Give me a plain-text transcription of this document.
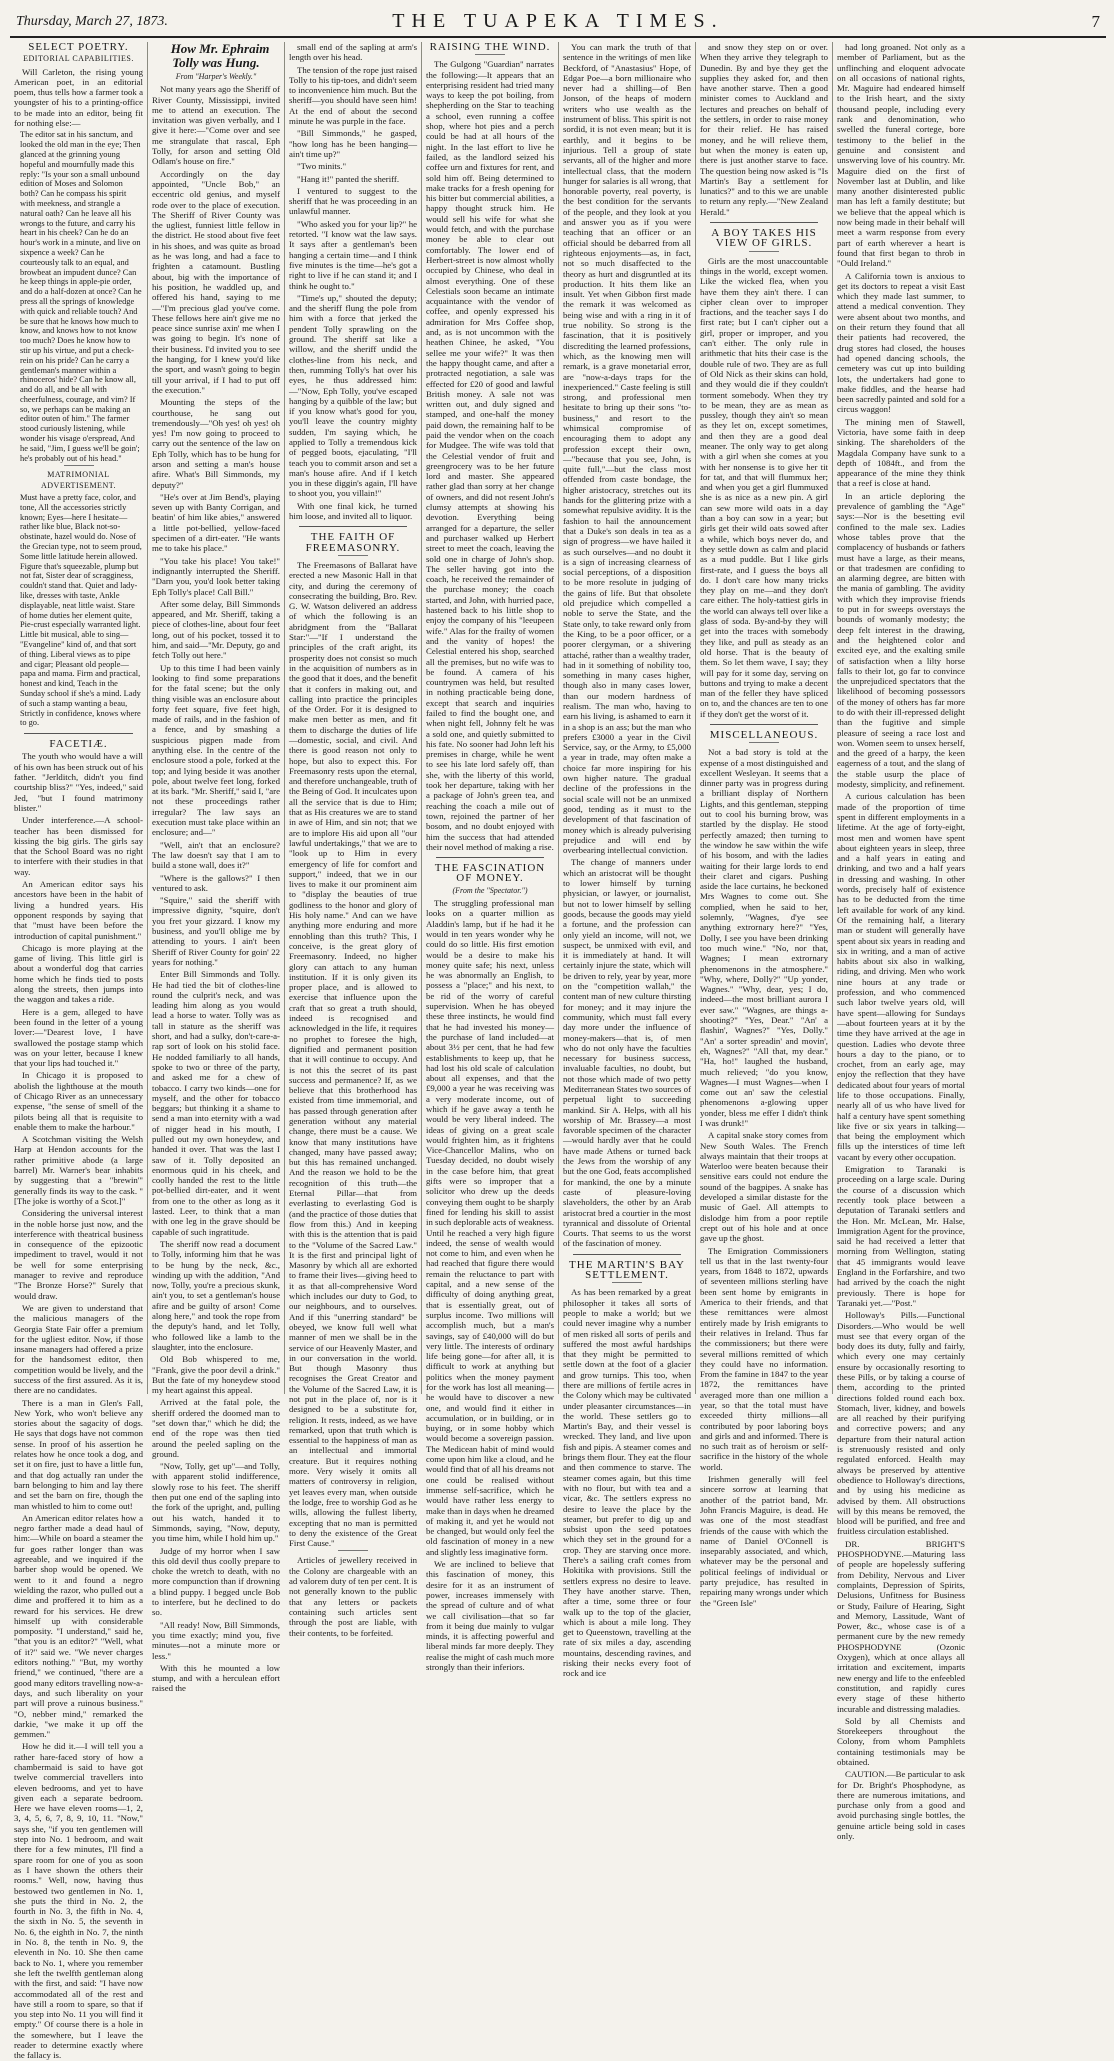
Thursday, March 27, 1873.	THE TUAPEKA TIMES.	7

SELECT POETRY.

EDITORIAL CAPABILITIES.

Will Carleton, the rising young American poet, in an editorial poem, thus tells how a farmer took a youngster of his to a printing-office to be made into an editor, being fit for nothing else:—

The editor sat in his sanctum, and looked the old man in the eye; Then glanced at the grinning young hopeful and mournfully made this reply: "Is your son a small unbound edition of Moses and Solomon both? Can he compass his spirit with meekness, and strangle a natural oath? Can he leave all his wrongs to the future, and carry his heart in his cheek? Can he do an hour's work in a minute, and live on sixpence a week? Can he courteously talk to an equal, and browbeat an impudent dunce? Can he keep things in apple-pie order, and do a half-dozen at once? Can he press all the springs of knowledge with quick and reliable touch? And be sure that he knows how much to know, and knows how to not know too much? Does he know how to stir up his virtue, and put a check-rein on his pride? Can he carry a gentleman's manner within a rhinoceros' hide? Can he know all, and do all, and be all with cheerfulness, courage, and vim? If so, we perhaps can be making an editor outen of him." The farmer stood curiously listening, while wonder his visage o'erspread, And he said, "Jim, I guess we'll be goin'; he's probably out of his head."

MATRIMONIAL ADVERTISEMENT.

Must have a pretty face, color, and tone, All the accessories strictly known; Eyes—here I hesitate—rather like blue, Black not-so-obstinate, hazel would do. Nose of the Grecian type, not to seem proud, Some little latitude herein allowed. Figure that's squeezable, plump but not fat, Sister dear of scragginess, couldn't stand that. Quiet and lady-like, dresses with taste, Ankle displayable, neat little waist. Stare of home duties her element quite, Pie-crust especially warranted light. Little bit musical, able to sing— "Evangeline" kind of, and that sort of thing. Liberal views as to pipe and cigar; Pleasant old people—papa and mama. Firm and practical, honest and kind, Teach in the Sunday school if she's a mind. Lady of such a stamp wanting a beau, Strictly in confidence, knows where to go.

FACETIÆ.

The youth who would have a will of his own has been struck out of his father. "Jerlditch, didn't you find courtship bliss?" "Yes, indeed," said Jed, "but I found matrimony blister."

Under interference.—A school-teacher has been dismissed for kissing the big girls. The girls say that the School Board was no right to interfere with their studies in that way.

An American editor says his ancestors have been in the habit of living a hundred years. His opponent responds by saying that that "must have been before the introduction of capital punishment."

Chicago is more playing at the game of living. This little girl is about a wonderful dog that carries home which he finds tied to posts along the streets, then jumps into the waggon and takes a ride.

Here is a gem, alleged to have been found in the letter of a young lover:—"Dearest love, I have swallowed the postage stamp which was on your letter, because I knew that your lips had touched it."

In Chicago it is proposed to abolish the lighthouse at the mouth of Chicago River as an unnecessary expense, "the sense of smell of the pilots being all that is requisite to enable them to make the harbour."

A Scotchman visiting the Welsh Harp at Hendon accounts for the rather primitive abode (a large barrel) Mr. Warner's bear inhabits by suggesting that a "brewin'" generally finds its way to the cask. "[The joke is worthy of a Scot.]"

Considering the universal interest in the noble horse just now, and the interference with theatrical business in consequence of the epizootic impediment to travel, would it not be well for some enterprising manager to revive and reproduce "The Bronze Horse?" Surely that would draw.

We are given to understand that the malicious managers of the Georgia State Fair offer a premium for the ugliest editor. Now, if those insane managers had offered a prize for the handsomest editor, then competition would be lively, and the success of the first assured. As it is, there are no candidates.

There is a man in Glen's Fall, New York, who won't believe any stories about the sagacity of dogs. He says that dogs have not common sense. In proof of his assertion he relates how he once took a dog, and set it on fire, just to have a little fun, and that dog actually ran under the barn belonging to him and lay there and set the barn on fire, though the man whistled to him to come out!

An American editor relates how a negro farther made a dead haul of him:—While on board a steamer the fur goes rather longer than was agreeable, and we inquired if the barber shop would be opened. We went to it and found a negro wielding the razor, who pulled out a dime and proffered it to him as a reward for his services. He drew himself up with considerable pomposity. "I understand," said he, "that you is an editor?" "Well, what of it?" said we. "We never charges editors nothing." "But, my worthy friend," we continued, "there are a good many editors travelling now-a-days, and such liberality on your part will prove a ruinous business." "O, nebber mind," remarked the darkie, "we make it up off the gemmen."

How he did it.—I will tell you a rather hare-faced story of how a chambermaid is said to have got twelve commercial travellers into eleven bedrooms, and yet to have given each a separate bedroom. Here we have eleven rooms—1, 2, 3, 4, 5, 6, 7, 8, 9, 10, 11. "Now," says she, "if you ten gentlemen will step into No. 1 bedroom, and wait there for a few minutes, I'll find a spare room for one of you as soon as I have shown the others their rooms." Well, now, having thus bestowed two gentlemen in No. 1, she puts the third in No. 2, the fourth in No. 3, the fifth in No. 4, the sixth in No. 5, the seventh in No. 6, the eighth in No. 7, the ninth in No. 8, the tenth in No. 9, the eleventh in No. 10. She then came back to No. 1, where you remember she left the twelfth gentleman along with the first, and said: "I have now accommodated all of the rest and have still a room to spare, so that if you step into No. 11 you will find it empty." Of course there is a hole in the somewhere, but I leave the reader to determine exactly where the fallacy is.

How Mr. Ephraim Tolly was Hung.

From "Harper's Weekly."

Not many years ago the Sheriff of River County, Mississippi, invited me to attend an execution. The invitation was given verbally, and I give it here:—"Come over and see me strangulate that rascal, Eph Tolly, for arson and setting Old Odlam's house on fire."

Accordingly on the day appointed, "Uncle Bob," an eccentric old genius, and myself rode over to the place of execution. The Sheriff of River County was the ugliest, funniest little fellow in the district. He stood about five feet in his shoes, and was quite as broad as he was long, and had a face to frighten a catamount. Bustling about, big with the importance of his position, he waddled up, and offered his hand, saying to me—"I'm precious glad you've come. These fellows here ain't give me no peace since sunrise axin' me when I was going to begin. It's none of their business. I'd invited you to see the hanging, for I knew you'd like the sport, and wasn't going to begin till your arrival, if I had to put off the execution."

Mounting the steps of the courthouse, he sang out tremendously—"Oh yes! oh yes! oh yes! I'm now going to proceed to carry out the sentence of the law on Eph Tolly, which has to be hung for arson and setting a man's house afire. What's Bill Simmonds, my deputy?"

"He's over at Jim Bend's, playing seven up with Banty Corrigan, and beatin' of him like abies," answered a little pot-bellied, yellow-faced specimen of a dirt-eater. "He wants me to take his place."

"You take his place! You take!" indignantly interrupted the Sheriff. "Darn you, you'd look better taking Eph Tolly's place! Call Bill."

After some delay, Bill Simmonds appeared, and Mr. Sheriff, taking a piece of clothes-line, about four feet long, out of his pocket, tossed it to him, and said—"Mr. Deputy, go and fetch Tolly out here."

Up to this time I had been vainly looking to find some preparations for the fatal scene; but the only thing visible was an enclosure about forty feet square, five feet high, made of rails, and in the fashion of a fence, and by smashing a suspicious pigpen made from anything else. In the centre of the enclosure stood a pole, forked at the top; and lying beside it was another pole, about twelve feet long, forked at its bark. "Mr. Sheriff," said I, "are not these proceedings rather irregular? The law says an execution must take place within an enclosure; and—"

"Well, ain't that an enclosure? The law doesn't say that I am to build a stone wall, does it?"

"Where is the gallows?" I then ventured to ask.

"Squire," said the sheriff with impressive dignity, "squire, don't you fret your gizzard. I know my business, and you'll oblige me by attending to yours. I ain't been Sheriff of River County for goin' 22 years for nothing."

Enter Bill Simmonds and Tolly. He had tied the bit of clothes-line round the culprit's neck, and was leading him along as you would lead a horse to water. Tolly was as tall in stature as the sheriff was short, and had a sulky, don't-care-a-rap sort of look on his stolid face. He nodded familiarly to all hands, spoke to two or three of the party, and asked me for a chew of tobacco. I carry two kinds—one for myself, and the other for tobacco beggars; but thinking it a shame to send a man into eternity with a wad of nigger head in his mouth, I pulled out my own honeydew, and handed it over. That was the last I saw of it. Tolly deposited an enormous quid in his cheek, and coolly handed the rest to the little pot-bellied dirt-eater, and it went from one to the other as long as it lasted. Leer, to think that a man with one leg in the grave should be capable of such ingratitude.

The sheriff now read a document to Tolly, informing him that he was to be hung by the neck, &c., winding up with the addition, "And now, Tolly, you're a precious skunk, ain't you, to set a gentleman's house afire and be guilty of arson! Come along here," and took the rope from the deputy's hand, and let Tolly, who followed like a lamb to the slaughter, into the enclosure.

Old Bob whispered to me, "Frank, give the poor devil a drink." But the fate of my honeydew stood my heart against this appeal.

Arrived at the fatal pole, the sheriff ordered the doomed man to "set down thar," which he did; the end of the rope was then tied around the peeled sapling on the ground.

"Now, Tolly, get up"—and Tolly, with apparent stolid indifference, slowly rose to his feet. The sheriff then put one end of the sapling into the fork of the upright, and, pulling out his watch, handed it to Simmonds, saying, "Now, deputy, you time him, while I hold him up."

Judge of my horror when I saw this old devil thus coolly prepare to choke the wretch to death, with no more compunction than if drowning a blind puppy. I begged uncle Bob to interfere, but he declined to do so.

"All ready! Now, Bill Simmonds, you time exactly; mind you, five minutes—not a minute more or less."

With this he mounted a low stump, and with a herculean effort raised the

small end of the sapling at arm's length over his head.

The tension of the rope just raised Tolly to his tip-toes, and didn't seem to inconvenience him much. But the sheriff—you should have seen him! At the end of about the second minute he was purple in the face.

"Bill Simmonds," he gasped, "how long has he been hanging—ain't time up?"

"Two minits."

"Hang it!" panted the sheriff.

I ventured to suggest to the sheriff that he was proceeding in an unlawful manner.

"Who asked you for your lip?" he retorted. "I know wat the law says. It says after a gentleman's been hanging a certain time—and I think five minutes is the time—he's got a right to live if he can stand it; and I think he ought to."

"Time's up," shouted the deputy; and the sheriff flung the pole from him with a force that jerked the pendent Tolly sprawling on the ground. The sheriff sat like a willow, and the sheriff undid the clothes-line from his neck, and then, rumming Tolly's hat over his eyes, he thus addressed him:—"Now, Eph Tolly, you've escaped hanging by a quibble of the law; but if you know what's good for you, you'll leave the country mighty sudden, I'm saying which, he applied to Tolly a tremendous kick of pegged boots, ejaculating, "I'll teach you to commit arson and set a man's house afire. And if I ketch you in these diggin's again, I'll have to shoot you, you villain!"

With one final kick, he turned him loose, and invited all to liquor.

THE FAITH OF FREEMASONRY.

The Freemasons of Ballarat have erected a new Masonic Hall in that city, and during the ceremony of consecrating the building, Bro. Rev. G. W. Watson delivered an address of which the following is an abridgment from the "Ballarat Star:"—"If I understand the principles of the craft aright, its prosperity does not consist so much in the acquisition of numbers as in the good that it does, and the benefit that it confers in making out, and calling into practice the principles of the Order. For it is designed to make men better as men, and fit them to discharge the duties of life—domestic, social, and civil. And there is good reason not only to hope, but also to expect this. For Freemasonry rests upon the eternal, and therefore unchangeable, truth of the Being of God. It inculcates upon all the service that is due to Him; that as His creatures we are to stand in awe of Him, and sin not; that we are to implore His aid upon all "our lawful undertakings," that we are to "look up to Him in every emergency of life for comfort and support," indeed, that we in our lives to make it our prominent aim to "display the beauties of true godliness to the honor and glory of His holy name." And can we have anything more enduring and more ennobling than this truth? This, I conceive, is the great glory of Freemasonry. Indeed, no higher glory can attach to any human institution. If it is only given its proper place, and is allowed to exercise that influence upon the craft that so great a truth should, indeed is recognised and acknowledged in the life, it requires no prophet to foresee the high, dignified and permanent position that it will continue to occupy. And is not this the secret of its past success and permanence? If, as we believe that this brotherhood has existed from time immemorial, and has passed through generation after generation without any material change, there must be a cause. We know that many institutions have changed, many have passed away; but this has remained unchanged. And the reason we hold to be the recognition of this truth—the Eternal Pillar—that from everlasting to everlasting God is (and the practice of those duties that flow from this.) And in keeping with this is the attention that is paid to the "Volume of the Sacred Law." It is the first and principal light of Masonry by which all are exhorted to frame their lives—giving heed to it as that all-comprehensive Word which includes our duty to God, to our neighbours, and to ourselves. And if this "unerring standard" be obeyed, we know full well what manner of men we shall be in the service of our Heavenly Master, and in our conversation in the world. But though Masonry thus recognises the Great Creator and the Volume of the Sacred Law, it is not put in the place of, nor is it designed to be a substitute for, religion. It rests, indeed, as we have remarked, upon that truth which is essential to the happiness of man as an intellectual and immortal creature. But it requires nothing more. Very wisely it omits all matters of controversy in religion, yet leaves every man, when outside the lodge, free to worship God as he wills, allowing the fullest liberty, excepting that no man is permitted to deny the existence of the Great First Cause."

Articles of jewellery received in the Colony are chargeable with an ad valorem duty of ten per cent. It is not generally known to the public that any letters or packets containing such articles sent through the post are liable, with their contents, to be forfeited.

RAISING THE WIND.

The Gulgong "Guardian" narrates the following:—It appears that an enterprising resident had tried many ways to keep the pot boiling, from shepherding on the Star to teaching a school, even running a coffee shop, where hot pies and a perch could be had at all hours of the night. In the last effort to live he failed, as the landlord seized his coffee urn and fixtures for rent, and sold him off. Being determined to make tracks for a fresh opening for his bitter but commercial abilities, a happy thought struck him. He would sell his wife for what she would fetch, and with the purchase money be able to clear out comfortably. The lower end of Herbert-street is now almost wholly occupied by Chinese, who deal in almost everything. One of these Celestials soon became an intimate acquaintance with the vendor of coffee, and openly expressed his admiration for Mrs Coffee shop, and, as is not uncommon with the heathen Chinee, he asked, "You sellee me your wife?" It was then the happy thought came, and after a protracted negotiation, a sale was effected for £20 of good and lawful British money. A sale not was written out, and duly signed and stamped, and one-half the money paid down, the remaining half to be paid the vendor when on the coach for Mudgee. The wife was told that the Celestial vendor of fruit and greengrocery was to be her future lord and master. She appeared rather glad than sorry at her change of owners, and did not resent John's clumsy attempts at showing his devotion. Everything being arranged for a departure, the seller and purchaser walked up Herbert street to meet the coach, leaving the sold one in charge of John's shop. The seller having got into the coach, he received the remainder of the purchase money; the coach started, and John, with hurried pace, hastened back to his little shop to enjoy the company of his "leeupeen wife." Alas for the frailty of women and the vanity of hopes! the Celestial entered his shop, searched all the premises, but no wife was to be found. A camera of his countrymen was held, but resulted in nothing practicable being done, except that search and inquiries failed to find the bought one, and when night fell, Johnny felt he was a sold one, and quietly submitted to his fate. No sooner had John left his premises in charge, while he went to see his late lord safely off, than she, with the liberty of this world, took her departure, taking with her a package of John's green tea, and reaching the coach a mile out of town, rejoined the partner of her bosom, and no doubt enjoyed with him the success that had attended their novel method of making a rise.

THE FASCINATION OF MONEY.

(From the "Spectator.")

The struggling professional man looks on a quarter million as Aladdin's lamp, but if he had it he would in ten years wonder why he could do so little. His first emotion would be a desire to make his money quite safe; his next, unless he was abnormally an English, to possess a "place;" and his next, to be rid of the worry of careful supervision. When he has obeyed these three instincts, he would find that he had invested his money—the purchase of land included—at about 3½ per cent, that he had few establishments to keep up, that he had lost his old scale of calculation about all expenses, and that the £9,000 a year he was receiving was a very moderate income, out of which if he gave away a tenth he would be very liberal indeed. The ideas of giving on a great scale would frighten him, as it frightens Vice-Chancellor Malins, who on Tuesday decided, no doubt wisely in the case before him, that great gifts were so improper that a solicitor who drew up the deeds conveying them ought to be sharply fined for lending his skill to assist in such deplorable acts of weakness. Until he reached a very high figure indeed, the sense of wealth would not come to him, and even when he had reached that figure there would remain the reluctance to part with capital, and a new sense of the difficulty of doing anything great, that is essentially great, out of surplus income. Two millions will accomplish much, but a man's savings, say of £40,000 will do but very little. The interests of ordinary life being gone—for after all, it is difficult to work at anything but politics when the money payment for the work has lost all meaning—he would have to discover a new one, and would find it either in accumulation, or in building, or in buying, or in some hobby which would become a sovereign passion. The Medicean habit of mind would come upon him like a cloud, and he would find that of all his dreams not one could be realised without immense self-sacrifice, which he would have rather less energy to make than in days when he dreamed of making it, and yet he would not be changed, but would only feel the old fascination of money in a new and slightly less imaginative form.

We are inclined to believe that this fascination of money, this desire for it as an instrument of power, increases immensely with the spread of culture and of what we call civilisation—that so far from it being due mainly to vulgar minds, it is affecting powerful and liberal minds far more deeply. They realise the might of cash much more strongly than their inferiors.

You can mark the truth of that sentence in the writings of men like Beckford, of "Anastasius" Hope, of Edgar Poe—a born millionaire who never had a shilling—of Ben Jonson, of the heaps of modern writers who use wealth as the instrument of bliss. This spirit is not sordid, it is not even mean; but it is earthly, and it begins to be injurious. Tell a group of state servants, all of the higher and more intellectual class, that the modern hunger for salaries is all wrong, that honorable poverty, real poverty, is the best condition for the servants of the people, and they look at you and answer you as if you were teaching that an officer or an official should be debarred from all righteous enjoyments—as, in fact, not so much disaffected to the theory as hurt and disgruntled at its production. It hits them like an insult. Yet when Gibbon first made the remark it was welcomed as being wise and with a ring in it of true nobility. So strong is the fascination, that it is positively discrediting the learned professions, which, as the knowing men will remark, is a grave monetarial error, are "now-a-days traps for the inexperienced." Caste feeling is still strong, and professional men hesitate to bring up their sons "to-business," and resort to the whimsical compromise of encouraging them to adopt any profession except their own,—"because that you see, John, is quite full,"—but the class most offended from caste bondage, the higher aristocracy, stretches out its hands for the glittering prize with a somewhat repulsive avidity. It is the fashion to hail the announcement that a Duke's son deals in tea as a sign of progress—we have hailed it as such ourselves—and no doubt it is a sign of increasing clearness of social perceptions, of a disposition to be more resolute in judging of the gains of life. But that obsolete old prejudice which compelled a noble to serve the State, and the State only, to take reward only from the King, to be a poor officer, or a poorer clergyman, or a shivering attaché, rather than a wealthy trader, had in it something of nobility too, something in many cases higher, though also in many cases lower, than our modern hardness of realism. The man who, having to earn his living, is ashamed to earn it in a shop is an ass; but the man who prefers £3000 a year in the Civil Service, say, or the Army, to £5,000 a year in trade, may often make a choice far more inspiring for his own higher nature. The gradual decline of the professions in the social scale will not be an unmixed good, tending as it must to the development of that fascination of money which is already pulverising prejudice and will end by overbearing intellectual conviction.

The change of manners under which an aristocrat will be thought to lower himself by turning physician, or lawyer, or journalist, but not to lower himself by selling goods, because the goods may yield a fortune, and the profession can only yield an income, will not, we suspect, be unmixed with evil, and it is immediately at hand. It will certainly injure the state, which will be driven to rely, year by year, more on the "competition wallah," the content man of new culture thirsting for money; and it may injure the community, which must fall every day more under the influence of money-makers—that is, of men who do not only have the faculties necessary for business success, invaluable faculties, no doubt, but not those which made of two petty Mediterranean States two sources of perpetual light to succeeding mankind. Sir A. Helps, with all his worship of Mr. Brassey—a most favorable specimen of the character—would hardly aver that he could have made Athens or turned back the Jews from the worship of any but the one God, feats accomplished for mankind, the one by a minute caste of pleasure-loving slaveholders, the other by an Arab aristocrat bred a courtier in the most tyrannical and dissolute of Oriental Courts. That seems to us the worst of the fascination of money.

THE MARTIN'S BAY SETTLEMENT.

As has been remarked by a great philosopher it takes all sorts of people to make a world; but we could never imagine why a number of men risked all sorts of perils and suffered the most awful hardships that they might be permitted to settle down at the foot of a glacier and grow turnips. This too, when there are millions of fertile acres in the Colony which may be cultivated under pleasanter circumstances—in the world. These settlers go to Martin's Bay, and their vessel is wrecked. They land, and live upon fish and pipis. A steamer comes and brings them flour. They eat the flour and then commence to starve. The steamer comes again, but this time with no flour, but with tea and a vicar, &c. The settlers express no desire to leave the place by the steamer, but prefer to dig up and subsist upon the seed potatoes which they set in the ground for a crop. They are starving once more. There's a sailing craft comes from Hokitika with provisions. Still the settlers express no desire to leave. They have another starve. Then, after a time, some three or four walk up to the top of the glacier, which is about a mile long. They get to Queenstown, travelling at the rate of six miles a day, ascending mountains, descending ravines, and risking their necks every foot of rock and ice

and snow they step on or over. When they arrive they telegraph to Dunedin. By and bye they get the supplies they asked for, and then have another starve. Then a good minister comes to Auckland and lectures and preaches on behalf of the settlers, in order to raise money for their relief. He has raised money, and he will relieve them, but when the money is eaten up, there is just another starve to face. The question being now asked is "Is Martin's Bay a settlement for lunatics?" and to this we are unable to return any reply.—"New Zealand Herald."

A BOY TAKES HIS VIEW OF GIRLS.

Girls are the most unaccountable things in the world, except women. Like the wicked flea, when you have them they ain't there. I can cipher clean over to improper fractions, and the teacher says I do first rate; but I can't cipher out a girl, proper or improper, and you can't either. The only rule in arithmetic that hits their case is the double rule of two. They are as full of Old Nick as their skins can hold, and they would die if they couldn't torment somebody. When they try to be mean, they are as mean as pussley, though they ain't so mean as they let on, except sometimes, and then they are a good deal meaner. The only way to get along with a girl when she comes at you with her nonsense is to give her tit for tat, and that will flummux her; and when you get a girl flummuxed she is as nice as a new pin. A girl can sew more wild oats in a day than a boy can sow in a year; but girls get their wild oats sowed after a while, which boys never do, and they settle down as calm and placid as a mud puddle. But I like girls first-rate, and I guess the boys all do. I don't care how many tricks they play on me—and they don't care either. The holy-tattiest girls in the world can always tell over like a glass of soda. By-and-by they will get into the traces with somebody they like, and pull as steady as an old horse. That is the beauty of them. So let them wave, I say; they will pay for it some day, serving on buttons and trying to make a decent man of the feller they have spliced on to, and the chances are ten to one if they don't get the worst of it.

MISCELLANEOUS.

Not a bad story is told at the expense of a most distinguished and excellent Wesleyan. It seems that a dinner party was in progress during a brilliant display of Northern Lights, and this gentleman, stepping out to cool his burning brow, was startled by the display. He stood perfectly amazed; then turning to the window he saw within the wife of his bosom, and with the ladies waiting for their large lords to end their claret and cigars. Pushing aside the lace curtains, he beckoned Mrs Wagnes to come out. She complied, when he said to her, solemnly, "Wagnes, d'ye see anything extrornary here?" "Yes, Dolly, I see you have been drinking too much wine." "No, nor that, Wagnes; I mean extrornary phenomenons in the atmosphere." "Why, where, Dolly?" "Up yonder, Wagnes." "Why, dear, yes; I do, indeed—the most brilliant aurora I ever saw." "Wagnes, are things a-shooting?" "Yes, Dear." "An' a flashin', Wagnes?" "Yes, Dolly." "An' a sorter spreadin' and movin', eh, Wagnes?" "All that, my dear." "Ha, ho!" laughed the husband, much relieved; "do you know, Wagnes—I must Wagnes—when I come out an' saw the celestial phenomenons a-glowing upper yonder, bless me effer I didn't think I was drunk!"

A capital snake story comes from New South Wales. The French always maintain that their troops at Waterloo were beaten because their sensitive ears could not endure the sound of the bagpipes. A snake has developed a similar distaste for the music of Gael. All attempts to dislodge him from a poor reptile crept out of his hole and at once gave up the ghost.

The Emigration Commissioners tell us that in the last twenty-four years, from 1848 to 1872, upwards of seventeen millions sterling have been sent home by emigrants in America to their friends, and that these remittances were almost entirely made by Irish emigrants to their relatives in Ireland. Thus far the commissioners; but there were several millions remitted of which they could have no information. From the famine in 1847 to the year 1872, the remittances have averaged more than one million a year, so that the total must have exceeded thirty millions—all contributed by poor laboring boys and girls and and informed. There is no such trait as of heroism or self-sacrifice in the history of the whole world.

Irishmen generally will feel sincere sorrow at learning that another of the patriot band, Mr. John Francis Maguire, is dead. He was one of the most steadfast friends of the cause with which the name of Daniel O'Connell is inseparably associated, and which, whatever may be the personal and political feelings of individual or party prejudice, has resulted in repairing many wrongs under which the "Green Isle"

had long groaned. Not only as a member of Parliament, but as the unflinching and eloquent advocate on all occasions of national rights, Mr. Maguire had endeared himself to the Irish heart, and the sixty thousand people, including every rank and denomination, who swelled the funeral cortege, bore testimony to the belief in the genuine and consistent and unswerving love of his country. Mr. Maguire died on the first of November last at Dublin, and like many another disinterested public man has left a family destitute; but we believe that the appeal which is now being made in their behalf will meet a warm response from every part of earth wherever a heart is found that first began to throb in "Ould Ireland."

A California town is anxious to get its doctors to repeat a visit East which they made last summer, to attend a medical convention. They were absent about two months, and on their return they found that all their patients had recovered, the drug stores had closed, the houses had opened dancing schools, the cemetery was cut up into building lots, the undertakers had gone to make fiddles, and the hearse had been sacredly painted and sold for a circus waggon!

The mining men of Stawell, Victoria, have some faith in deep sinking. The shareholders of the Magdala Company have sunk to a depth of 1084ft., and from the appearance of the mine they think that a reef is close at hand.

In an article deploring the prevalence of gambling the "Age" says:—Nor is the besetting evil confined to the male sex. Ladies whose tables prove that the complacency of husbands or fathers must have a large, as their means, or that tradesmen are confiding to an alarming degree, are bitten with the mania of gambling. The avidity with which they improvise friends to put in for sweeps overstays the bounds of womanly modesty; the deep felt interest in the drawing, and the heightened color and excited eye, and the exalting smile of satisfaction when a lilty horse falls to their lot, go far to convince the unprejudiced spectators that the likelihood of becoming possessors of the money of others has far more to do with their ill-repressed delight than the fugitive and simple pleasure of seeing a race lost and won. Women seem to unsex herself, and the greed of a harpy, the keen eagerness of a tout, and the slang of the stable usurp the place of modesty, simplicity, and refinement.

A curious calculation has been made of the proportion of time spent in different employments in a lifetime. At the age of forty-eight, most men and women have spent about eighteen years in sleep, three and a half years in eating and drinking, and two and a half years in dressing and washing. In other words, precisely half of existence has to be deducted from the time left available for work of any kind. Of the remaining half, a literary man or student will generally have spent about six years in reading and six in writing, and a man of active habits about six also in walking, riding, and driving. Men who work nine hours at any trade or profession, and who commenced such labor twelve years old, will have spent—allowing for Sundays—about fourteen years at it by the time they have arrived at the age in question. Ladies who devote three hours a day to the piano, or to crochet, from an early age, may enjoy the reflection that they have dedicated about four years of mortal life to those occupations. Finally, nearly all of us who have lived for half a century have spent something like five or six years in talking—that being the employment which fills up the interstices of time left vacant by every other occupation.

Emigration to Taranaki is proceeding on a large scale. During the course of a discussion which recently took place between a deputation of Taranaki settlers and the Hon. Mr. McLean, Mr. Halse, Immigration Agent for the province, said he had received a letter that morning from Wellington, stating that 45 immigrants would leave England in the Forfarshire, and two had arrived by the coach the night previously. There is hope for Taranaki yet.—"Post."

Holloway's Pills.—Functional Disorders.—Who would be well must see that every organ of the body does its duty, fully and fairly, which every one may certainly ensure by occasionally resorting to these Pills, or by taking a course of them, according to the printed directions folded round each box. Stomach, liver, kidney, and bowels are all reached by their purifying and corrective powers; and any departure from their natural action is strenuously resisted and only regulated enforced. Health may always be preserved by attentive obedience to Holloway's directions, and by using his medicine as advised by them. All obstructions will by this means be removed, the blood will be purified, and free and fruitless circulation established.

DR. BRIGHT'S PHOSPHODYNE.—Maturing lass of people are hopelessly suffering from Debility, Nervous and Liver complaints, Depression of Spirits, Delusions, Unfitness for Business or Study, Failure of Hearing, Sight and Memory, Lassitude, Want of Power, &c., whose case is of a permanent cure by the new remedy PHOSPHODYNE (Ozonic Oxygen), which at once allays all irritation and excitement, imparts new energy and life to the enfeebled constitution, and rapidly cures every stage of these hitherto incurable and distressing maladies.

Sold by all Chemists and Storekeepers throughout the Colony, from whom Pamphlets containing testimonials may be obtained.

CAUTION.—Be particular to ask for Dr. Bright's Phosphodyne, as there are numerous imitations, and purchase only from a good and avoid purchasing single bottles, the genuine article being sold in cases only.
